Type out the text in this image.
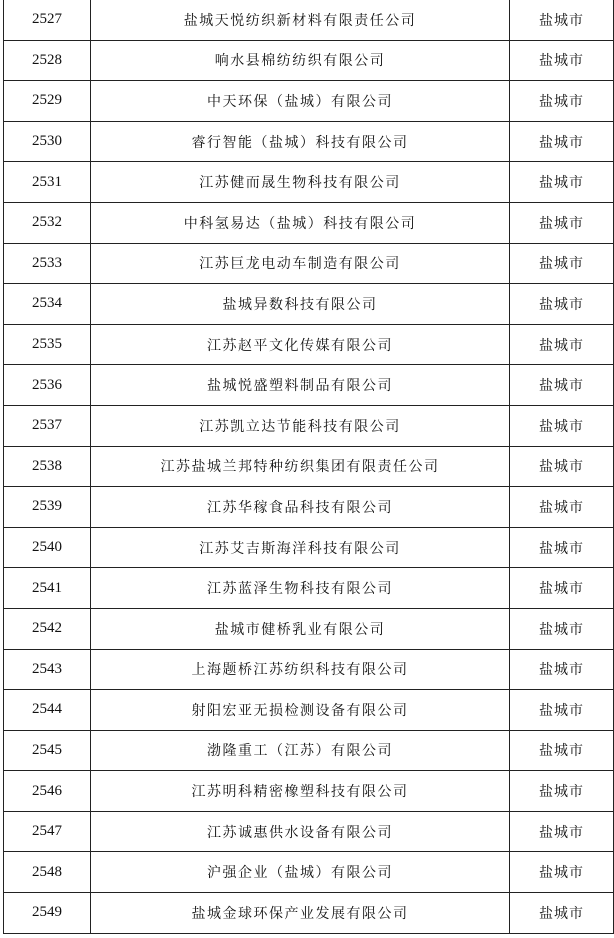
2527	盐城天悦纺织新材料有限责任公司	盐城市
2528	响水县棉纺纺织有限公司	盐城市
2529	中天环保（盐城）有限公司	盐城市
2530	睿行智能（盐城）科技有限公司	盐城市
2531	江苏健而晟生物科技有限公司	盐城市
2532	中科氢易达（盐城）科技有限公司	盐城市
2533	江苏巨龙电动车制造有限公司	盐城市
2534	盐城异数科技有限公司	盐城市
2535	江苏赵平文化传媒有限公司	盐城市
2536	盐城悦盛塑料制品有限公司	盐城市
2537	江苏凯立达节能科技有限公司	盐城市
2538	江苏盐城兰邦特种纺织集团有限责任公司	盐城市
2539	江苏华稼食品科技有限公司	盐城市
2540	江苏艾吉斯海洋科技有限公司	盐城市
2541	江苏蓝泽生物科技有限公司	盐城市
2542	盐城市健桥乳业有限公司	盐城市
2543	上海题桥江苏纺织科技有限公司	盐城市
2544	射阳宏亚无损检测设备有限公司	盐城市
2545	渤隆重工（江苏）有限公司	盐城市
2546	江苏明科精密橡塑科技有限公司	盐城市
2547	江苏诚惠供水设备有限公司	盐城市
2548	沪强企业（盐城）有限公司	盐城市
2549	盐城金球环保产业发展有限公司	盐城市
